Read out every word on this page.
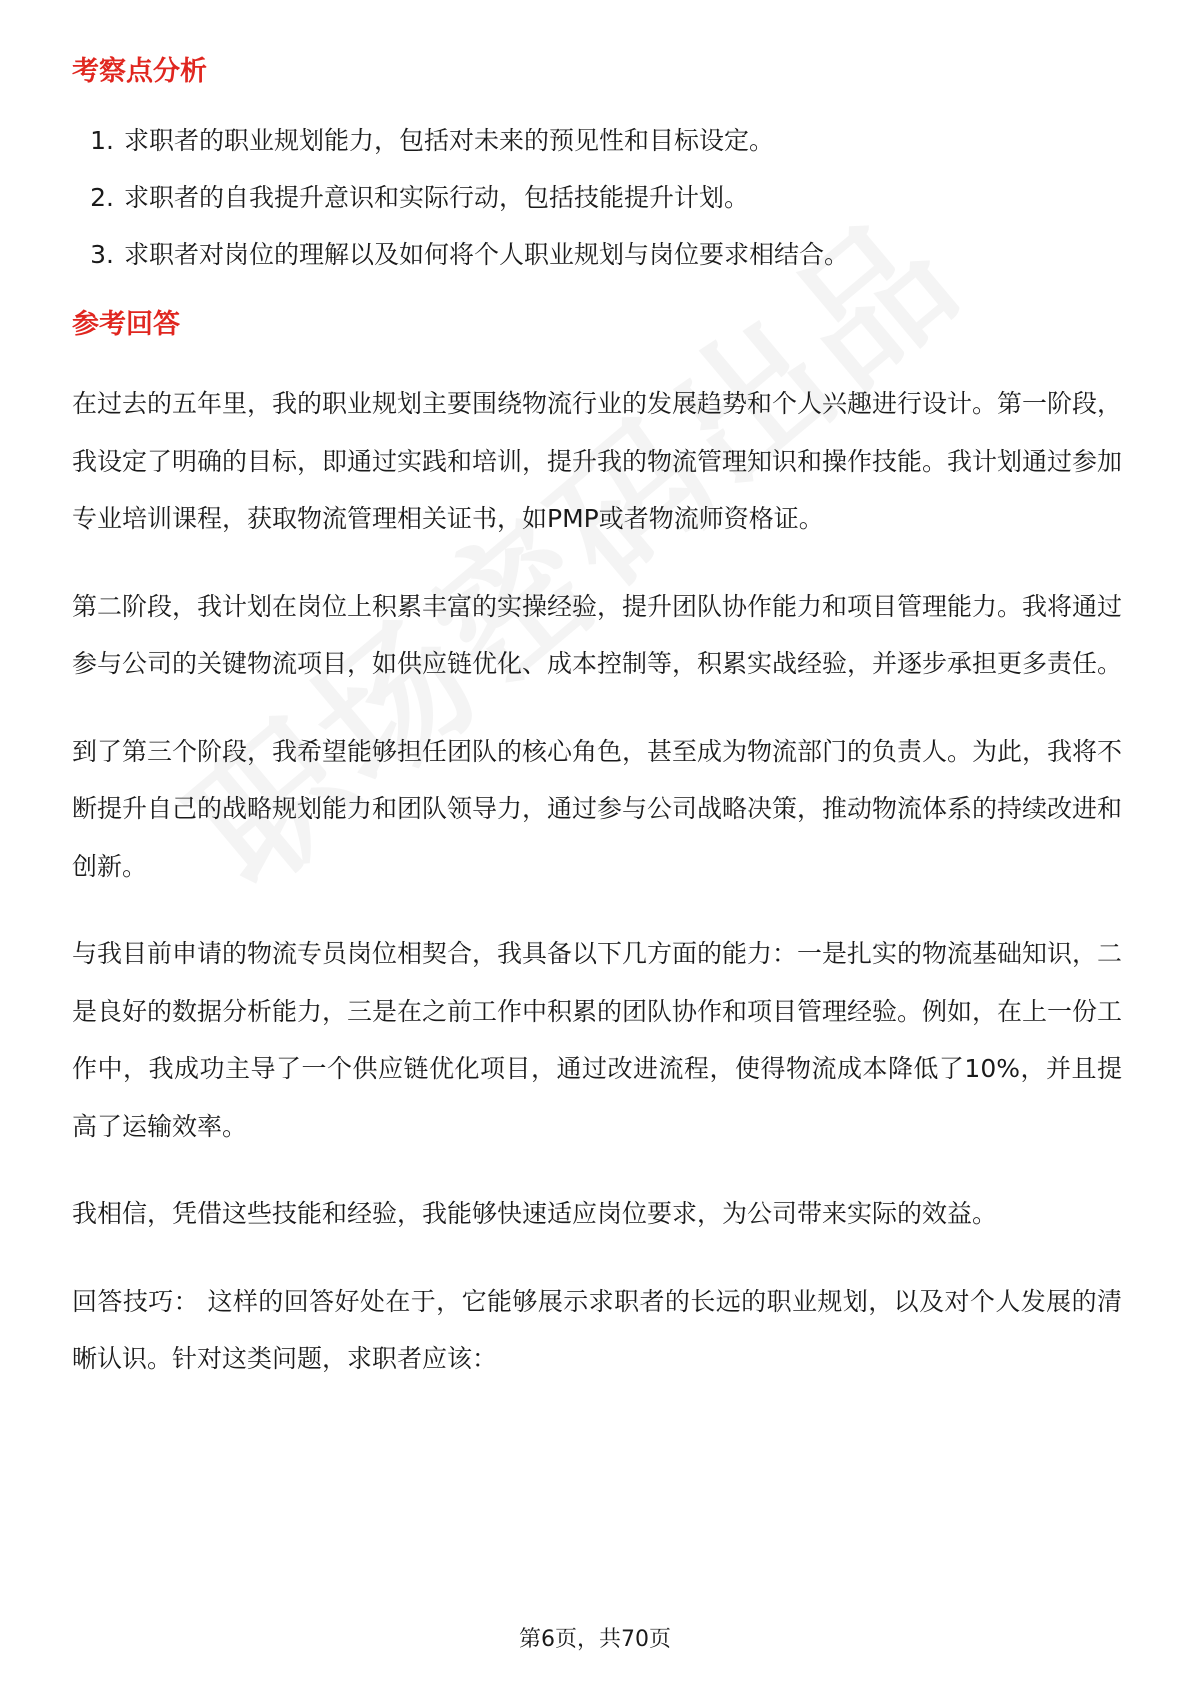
考察点分析
1. 求职者的职业规划能力，包括对未来的预见性和目标设定。
2. 求职者的自我提升意识和实际行动，包括技能提升计划。
3. 求职者对岗位的理解以及如何将个人职业规划与岗位要求相结合。
参考回答

在过去的五年里，我的职业规划主要围绕物流行业的发展趋势和个人兴趣进行设计。第一阶段，我设定了明确的目标，即通过实践和培训，提升我的物流管理知识和操作技能。我计划通过参加专业培训课程，获取物流管理相关证书，如PMP或者物流师资格证。

第二阶段，我计划在岗位上积累丰富的实操经验，提升团队协作能力和项目管理能力。我将通过参与公司的关键物流项目，如供应链优化、成本控制等，积累实战经验，并逐步承担更多责任。

到了第三个阶段，我希望能够担任团队的核心角色，甚至成为物流部门的负责人。为此，我将不断提升自己的战略规划能力和团队领导力，通过参与公司战略决策，推动物流体系的持续改进和创新。

与我目前申请的物流专员岗位相契合，我具备以下几方面的能力：一是扎实的物流基础知识，二是良好的数据分析能力，三是在之前工作中积累的团队协作和项目管理经验。例如，在上一份工作中，我成功主导了一个供应链优化项目，通过改进流程，使得物流成本降低了10%，并且提高了运输效率。

我相信，凭借这些技能和经验，我能够快速适应岗位要求，为公司带来实际的效益。

回答技巧： 这样的回答好处在于，它能够展示求职者的长远的职业规划，以及对个人发展的清晰认识。针对这类问题，求职者应该：

第6页，共70页
